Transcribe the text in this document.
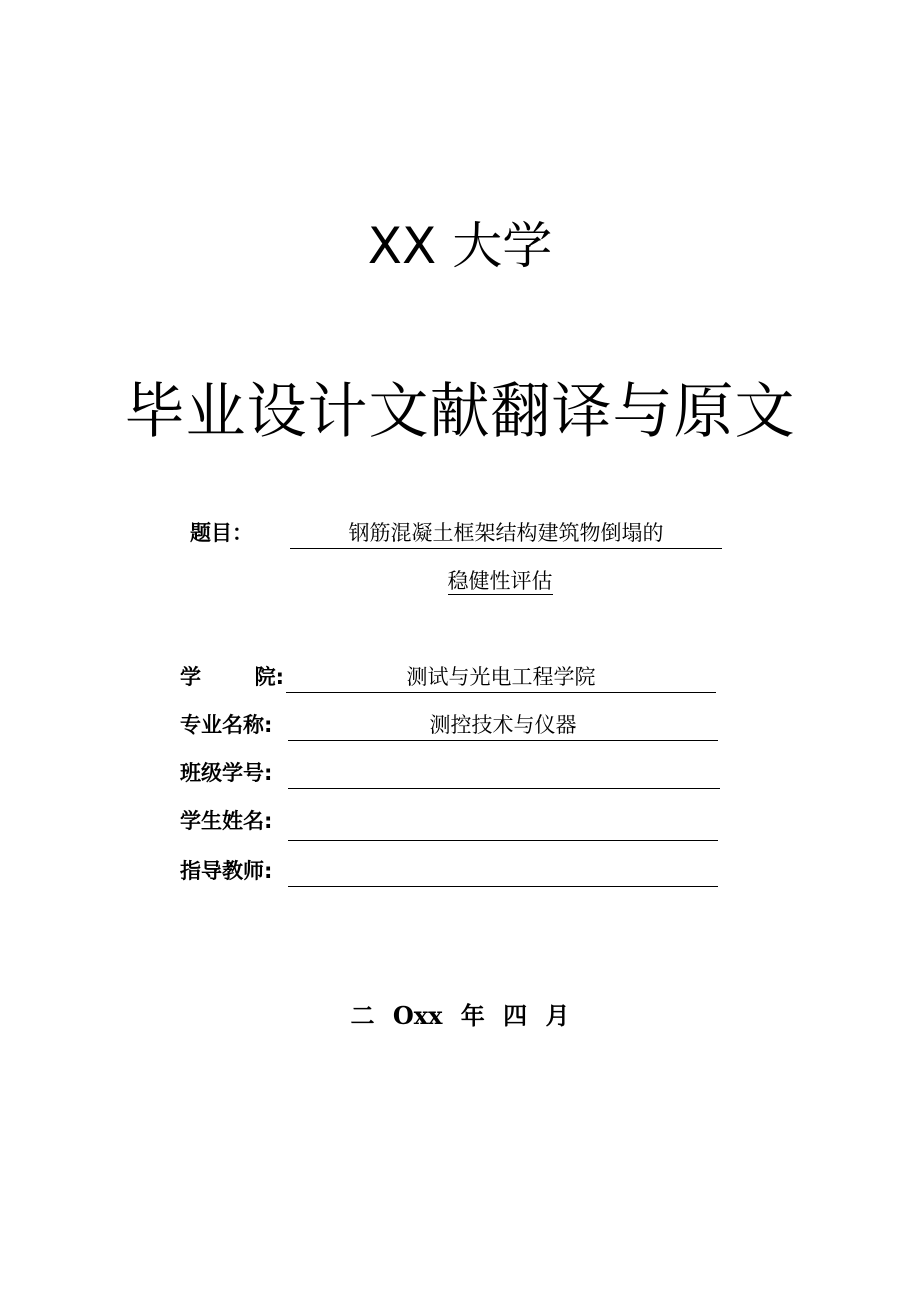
XX 大学
毕业设计文献翻译与原文
题目：	钢筋混凝土框架结构建筑物倒塌的
稳健性评估
学	院:	测试与光电工程学院
专业名称:	测控技术与仪器
班级学号:
学生姓名:
指导教师:
二 Oxx 年 四 月
